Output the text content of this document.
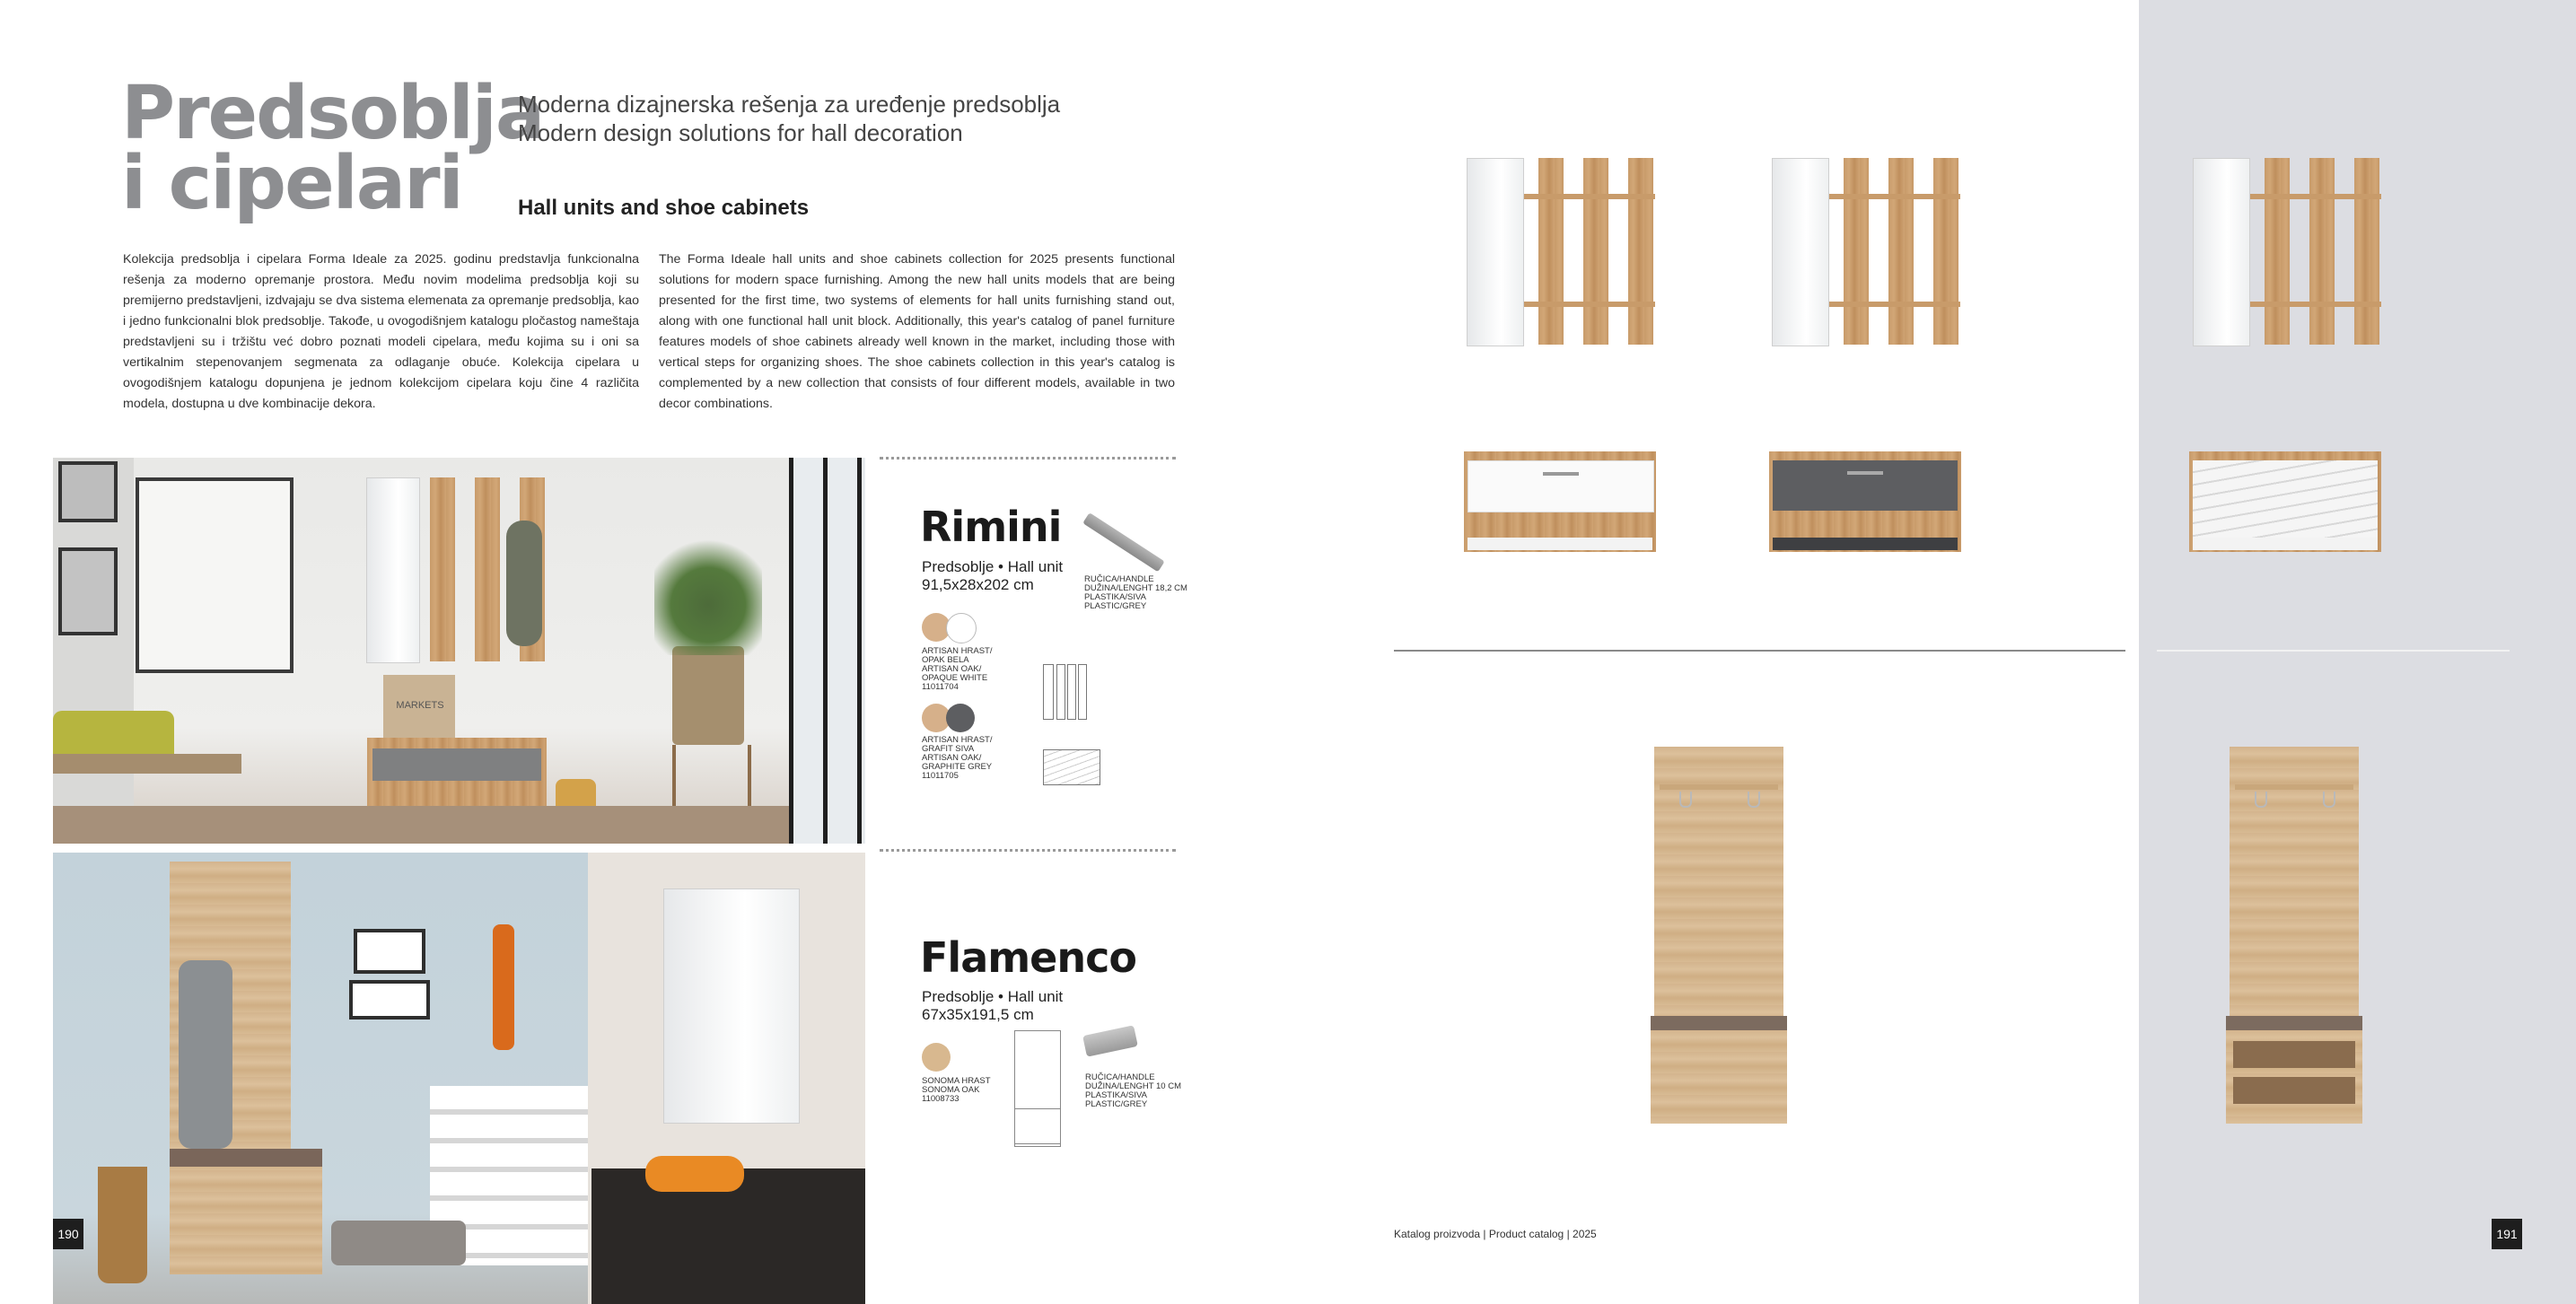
Predsoblja
i cipelari
Moderna dizajnerska rešenja za uređenje predsoblja
Modern design solutions for hall decoration
Hall units and shoe cabinets
Kolekcija predsoblja i cipelara Forma Ideale za 2025. godinu predstavlja funkcionalna rešenja za moderno opremanje prostora. Među novim modelima predsoblja koji su premijerno predstavljeni, izdvajaju se dva sistema elemenata za opremanje predsoblja, kao i jedno funkcionalni blok predsoblje. Takođe, u ovogodišnjem katalogu pločastog nameštaja predstavljeni su i tržištu već dobro poznati modeli cipelara, među kojima su i oni sa vertikalnim stepenovanjem segmenata za odlaganje obuće. Kolekcija cipelara u ovogodišnjem katalogu dopunjena je jednom kolekcijom cipelara koju čine 4 različita modela, dostupna u dve kombinacije dekora.
The Forma Ideale hall units and shoe cabinets collection for 2025 presents functional solutions for modern space furnishing. Among the new hall units models that are being presented for the first time, two systems of elements for hall units furnishing stand out, along with one functional hall unit block. Additionally, this year's catalog of panel furniture features models of shoe cabinets already well known in the market, including those with vertical steps for organizing shoes. The shoe cabinets collection in this year's catalog is complemented by a new collection that consists of four different models, available in two decor combinations.
MARKETS
Rimini
Predsoblje • Hall unit
91,5x28x202 cm	RUČICA/HANDLE
DUŽINA/LENGHT 18,2 CM
PLASTIKA/SIVA
PLASTIC/GREY
ARTISAN HRAST/
OPAK BELA
ARTISAN OAK/
OPAQUE WHITE
11011704
ARTISAN HRAST/
GRAFIT SIVA
ARTISAN OAK/
GRAPHITE GREY
11011705
Flamenco
Predsoblje • Hall unit
67x35x191,5 cm
SONOMA HRAST
SONOMA OAK
11008733
RUČICA/HANDLE
DUŽINA/LENGHT 10 CM
PLASTIKA/SIVA
PLASTIC/GREY
190	191
Katalog proizvoda | Product catalog | 2025
